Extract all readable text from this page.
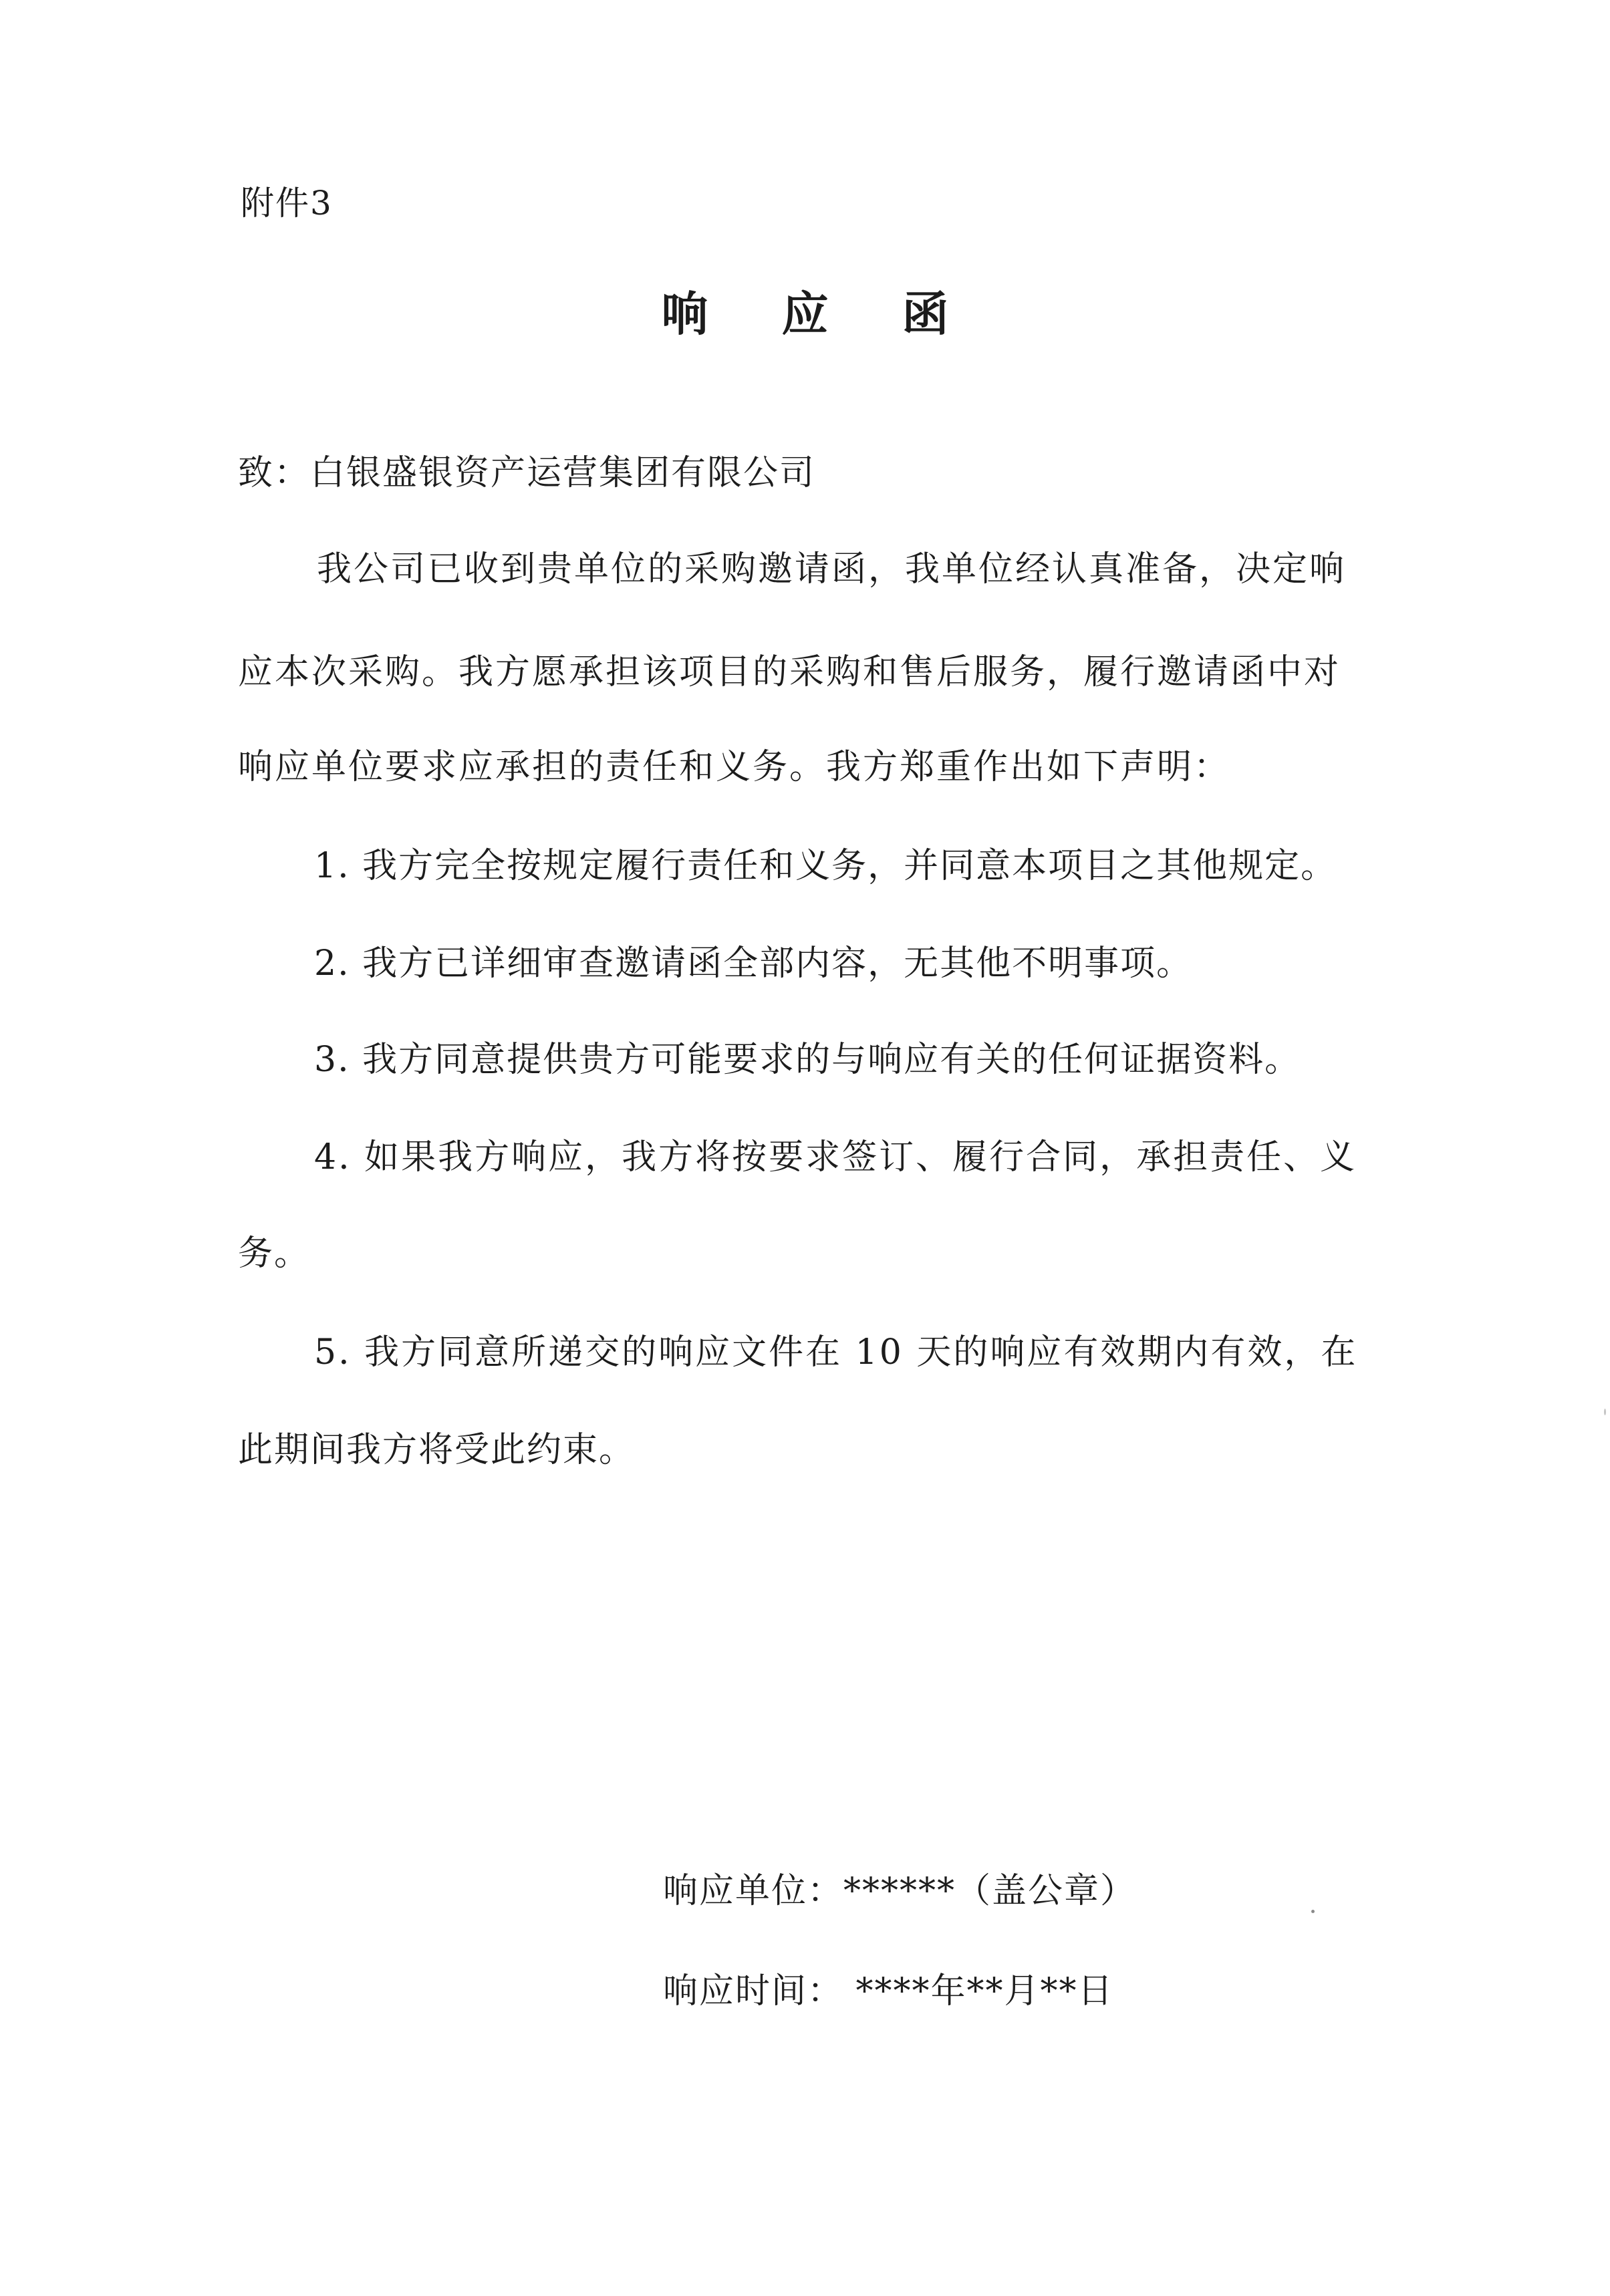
附件3
响应函
致：白银盛银资产运营集团有限公司
我公司已收到贵单位的采购邀请函，我单位经认真准备，决定响
应本次采购。我方愿承担该项目的采购和售后服务，履行邀请函中对
响应单位要求应承担的责任和义务。我方郑重作出如下声明：
1. 我方完全按规定履行责任和义务，并同意本项目之其他规定。
2. 我方已详细审查邀请函全部内容，无其他不明事项。
3. 我方同意提供贵方可能要求的与响应有关的任何证据资料。
4. 如果我方响应，我方将按要求签订、履行合同，承担责任、义
务。
5. 我方同意所递交的响应文件在 10 天的响应有效期内有效，在
此期间我方将受此约束。
响应单位：******（盖公章）
响应时间： ****年**月**日
